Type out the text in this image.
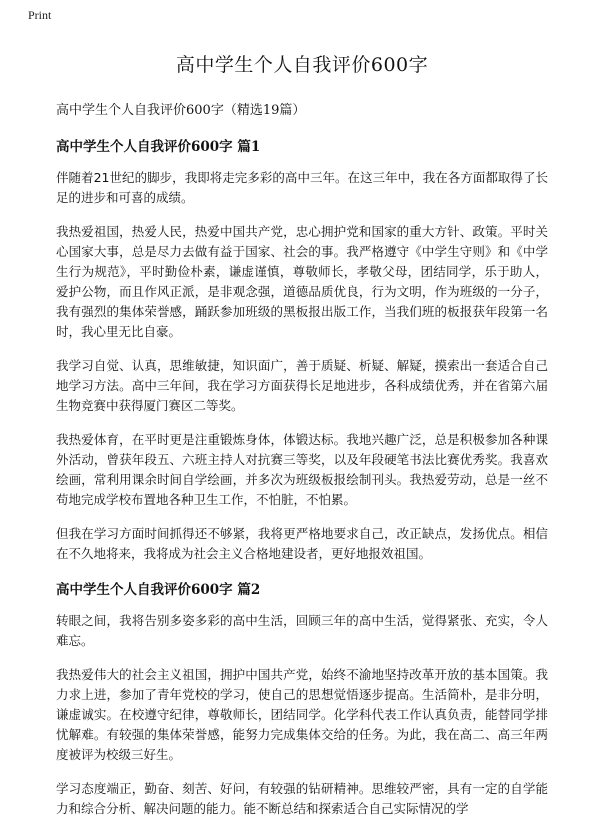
Print
高中学生个人自我评价600字
高中学生个人自我评价600字（精选19篇）
高中学生个人自我评价600字 篇1

伴随着21世纪的脚步，我即将走完多彩的高中三年。在这三年中，我在各方面都取得了长足的进步和可喜的成绩。

我热爱祖国，热爱人民，热爱中国共产党，忠心拥护党和国家的重大方针、政策。平时关心国家大事，总是尽力去做有益于国家、社会的事。我严格遵守《中学生守则》和《中学生行为规范》，平时勤俭朴素，谦虚谨慎，尊敬师长，孝敬父母，团结同学，乐于助人，爱护公物，而且作风正派，是非观念强，道德品质优良，行为文明，作为班级的一分子，我有强烈的集体荣誉感，踊跃参加班级的黑板报出版工作，当我们班的板报获年段第一名时，我心里无比自豪。

我学习自觉、认真，思维敏捷，知识面广，善于质疑、析疑、解疑，摸索出一套适合自己地学习方法。高中三年间，我在学习方面获得长足地进步，各科成绩优秀，并在省第六届生物竞赛中获得厦门赛区二等奖。

我热爱体育，在平时更是注重锻炼身体，体锻达标。我地兴趣广泛，总是积极参加各种课外活动，曾获年段五、六班主持人对抗赛三等奖，以及年段硬笔书法比赛优秀奖。我喜欢绘画，常利用课余时间自学绘画，并多次为班级板报绘制刊头。我热爱劳动，总是一丝不苟地完成学校布置地各种卫生工作，不怕脏，不怕累。

但我在学习方面时间抓得还不够紧，我将更严格地要求自己，改正缺点，发扬优点。相信在不久地将来，我将成为社会主义合格地建设者，更好地报效祖国。

高中学生个人自我评价600字 篇2

转眼之间，我将告别多姿多彩的高中生活，回顾三年的高中生活，觉得紧张、充实，令人难忘。

我热爱伟大的社会主义祖国，拥护中国共产党，始终不渝地坚持改革开放的基本国策。我力求上进，参加了青年党校的学习，使自己的思想觉悟逐步提高。生活简朴，是非分明，谦虚诚实。在校遵守纪律，尊敬师长，团结同学。化学科代表工作认真负责，能替同学排忧解难。有较强的集体荣誉感，能努力完成集体交给的任务。为此，我在高二、高三年两度被评为校级三好生。

学习态度端正，勤奋、刻苦、好问，有较强的钻研精神。思维较严密，具有一定的自学能力和综合分析、解决问题的能力。能不断总结和探索适合自己实际情况的学
